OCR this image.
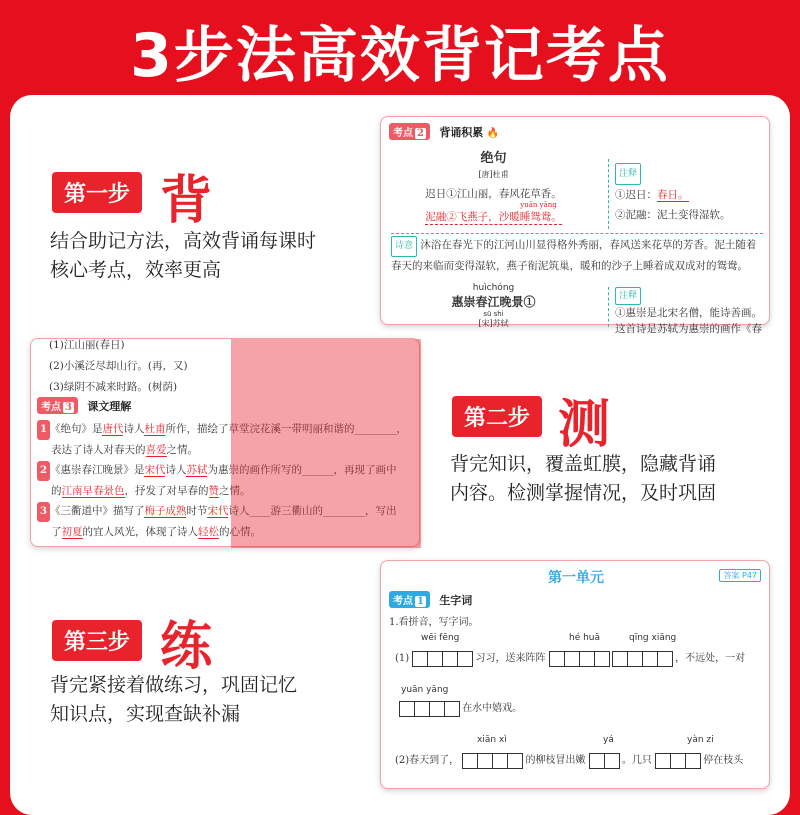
3步法高效背记考点
第一步 背
结合助记方法，高效背诵每课时
核心考点，效率更高
第二步 测
背完知识，覆盖虹膜，隐藏背诵
内容。检测掌握情况，及时巩固
第三步 练
背完紧接着做练习，巩固记忆
知识点，实现查缺补漏
考点 2 背诵积累 🔥
绝句
[唐]杜甫
迟日①江山丽，春风花草香。
yuān yāng
泥融②飞燕子，沙暖睡鸳鸯。
注释
①迟日：春日。
②泥融：泥土变得湿软。
诗意 沐浴在春光下的江河山川显得格外秀丽，春风送来花草的芳香。泥土随着春天的来临而变得湿软，燕子衔泥筑巢，暖和的沙子上睡着成双成对的鸳鸯。
huìchóng
惠崇春江晚景①
sū shì
[宋]苏轼
注释
①惠崇是北宋名僧，能诗善画。这首诗是苏轼为惠崇的画作《春
(1)江山丽(春日)
(2)小溪泛尽却山行。(再，又)
(3)绿阴不减来时路。(树荫)
考点 3 课文理解
1 《绝句》是唐代诗人杜甫所作，描绘了草堂浣花溪一带明丽和谐的________，
表达了诗人对春天的喜爱之情。
2 《惠崇春江晚景》是宋代诗人苏轼为惠崇的画作所写的______，再现了画中
的江南早春景色，抒发了对早春的赞之情。
3 《三衢道中》描写了梅子成熟时节宋代诗人____游三衢山的________，写出
了初夏的宜人风光，体现了诗人轻松的心情。
第一单元	答案 P47
考点 1 生字词
1.看拼音，写字词。
wēi fēng	hé huā	qīng xiāng
(1)	习习，送来阵阵
	，不远处，一对
yuān yāng
在水中嬉戏。
xiān xì	yá	yàn zi
(2)春天到了，	的柳枝冒出嫩	。几只	停在枝头
